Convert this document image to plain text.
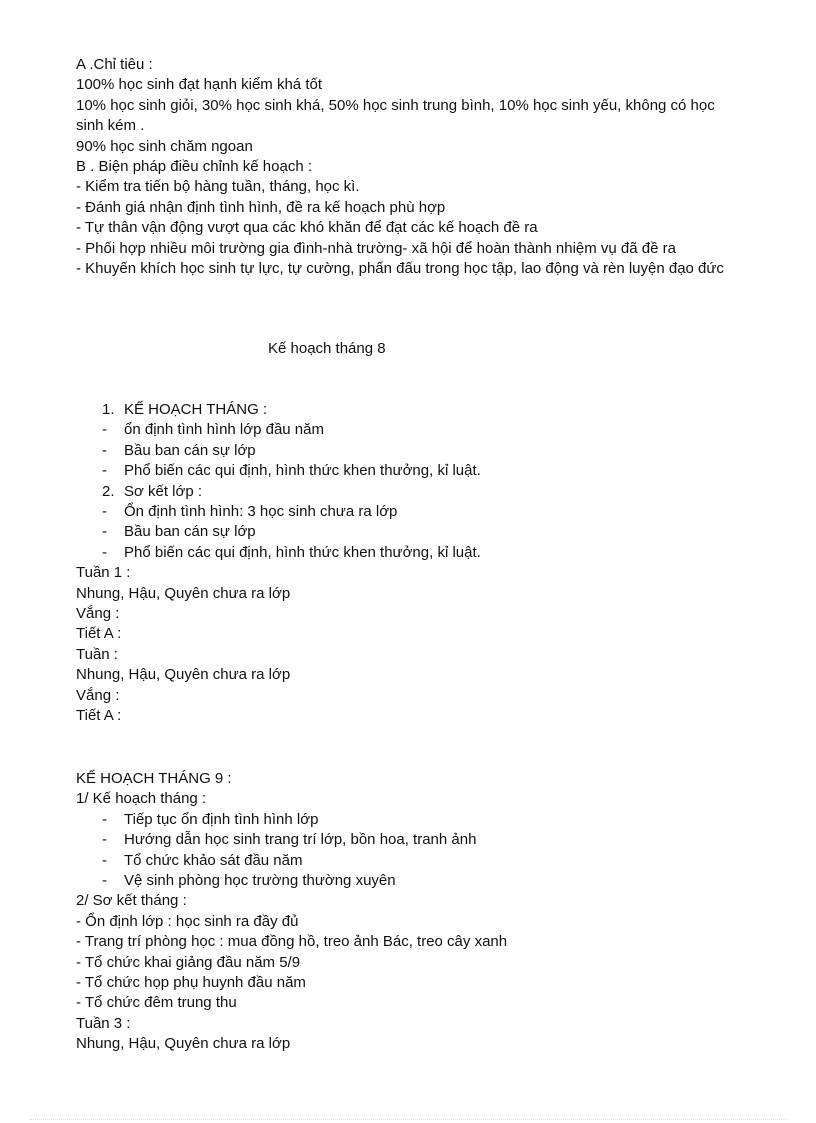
A .Chỉ tiêu :
100% học sinh đạt hạnh kiểm khá tốt
10% học sinh giỏi, 30% học sinh khá, 50% học sinh trung bình, 10% học sinh yếu, không có học
sinh kém .
90% học sinh chăm ngoan
B . Biện pháp điều chỉnh kế hoạch :
- Kiểm tra tiến bộ hàng tuần, tháng, học kì.
- Đánh giá nhận định tình hình, đề ra kế hoạch phù hợp
- Tự thân vận động vượt qua các khó khăn để đạt các kế hoạch đề ra
- Phối hợp nhiều môi trường gia đình-nhà trường- xã hội để hoàn thành nhiệm vụ đã đề ra
- Khuyến khích học sinh tự lực, tự cường, phấn đấu trong học tập, lao động và rèn luyện đạo đức
Kế hoạch tháng 8
1. KẾ HOẠCH THÁNG :
- ổn định tình hình lớp đầu năm
- Bầu ban cán sự lớp
- Phổ biến các qui định, hình thức khen thưởng, kỉ luật.
2. Sơ kết lớp :
- Ổn định tình hình: 3 học sinh chưa ra lớp
- Bầu ban cán sự lớp
- Phổ biến các qui định, hình thức khen thưởng, kỉ luật.
Tuần 1 :
Nhung, Hậu, Quyên chưa ra lớp
Vắng :
Tiết A :
Tuần :
Nhung, Hậu, Quyên chưa ra lớp
Vắng :
Tiết A :
KẾ HOẠCH THÁNG 9 :
1/ Kế hoạch tháng :
- Tiếp tục ổn định tình hình lớp
- Hướng dẫn học sinh trang trí lớp, bồn hoa, tranh ảnh
- Tổ chức khảo sát đầu năm
- Vệ sinh phòng học trường thường xuyên
2/ Sơ kết tháng :
- Ổn định lớp : học sinh ra đầy đủ
- Trang trí phòng học : mua đồng hồ, treo ảnh Bác, treo cây xanh
- Tổ chức khai giảng đầu năm 5/9
- Tổ chức họp phụ huynh đầu năm
- Tổ chức đêm trung thu
Tuần 3 :
Nhung, Hậu, Quyên chưa ra lớp
